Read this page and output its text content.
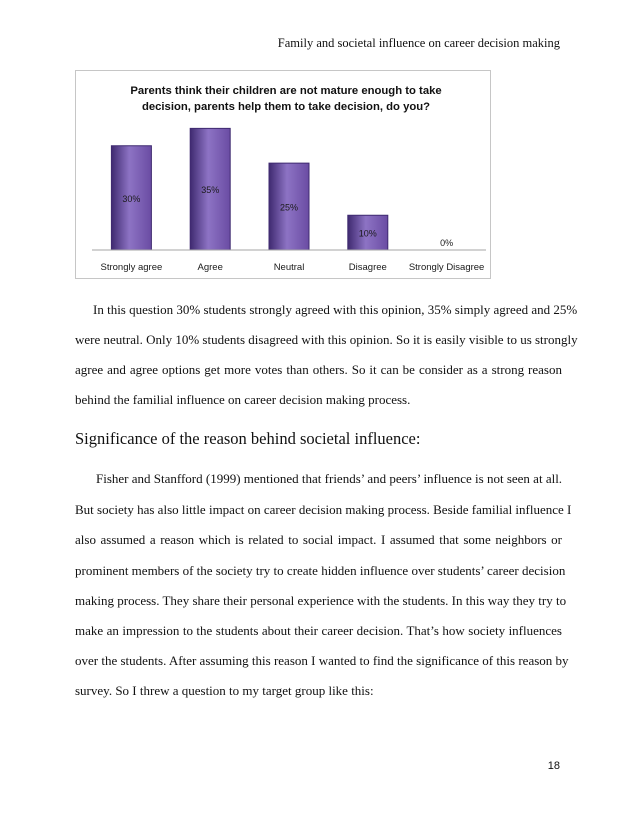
Family and societal influence on career decision making
Parents think their children are not mature enough to take
decision, parents help them to take decision, do you?
30%
Strongly agree
35%
Agree
25%
Neutral
10%
Disagree
0%
Strongly Disagree
In this question 30% students strongly agreed with this opinion, 35% simply agreed and 25%
were neutral. Only 10% students disagreed with this opinion. So it is easily visible to us strongly
agree and agree options get more votes than others. So it can be consider as a strong reason
behind the familial influence on career decision making process.
Significance of the reason behind societal influence:
Fisher and Stanfford (1999) mentioned that friends’ and peers’ influence is not seen at all.
But society has also little impact on career decision making process. Beside familial influence I
also assumed a reason which is related to social impact. I assumed that some neighbors or
prominent members of the society try to create hidden influence over students’ career decision
making process. They share their personal experience with the students. In this way they try to
make an impression to the students about their career decision. That’s how society influences
over the students. After assuming this reason I wanted to find the significance of this reason by
survey. So I threw a question to my target group like this:
18
